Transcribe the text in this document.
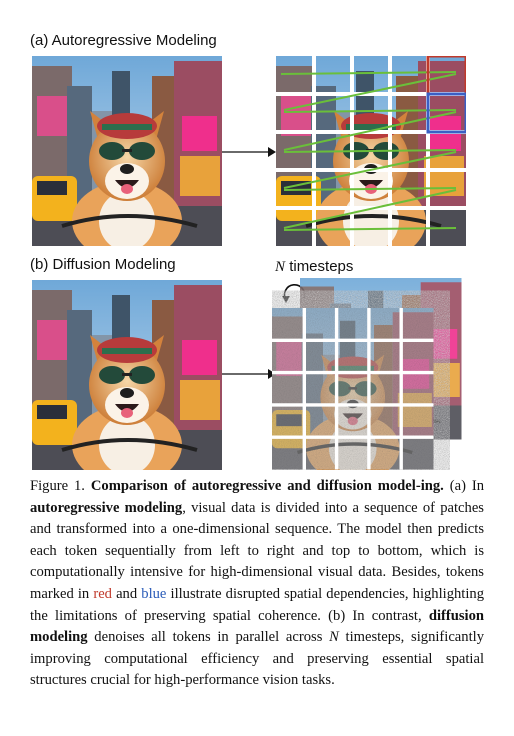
(a) Autoregressive Modeling
(b) Diffusion Modeling	N timesteps
Figure 1. Comparison of autoregressive and diffusion model-ing. (a) In autoregressive modeling, visual data is divided into a sequence of patches and transformed into a one-dimensional sequence. The model then predicts each token sequentially from left to right and top to bottom, which is computationally intensive for high-dimensional visual data. Besides, tokens marked in red and blue illustrate disrupted spatial dependencies, highlighting the limitations of preserving spatial coherence. (b) In contrast, diffusion modeling denoises all tokens in parallel across N timesteps, significantly improving computational efficiency and preserving essential spatial structures crucial for high-performance vision tasks.
